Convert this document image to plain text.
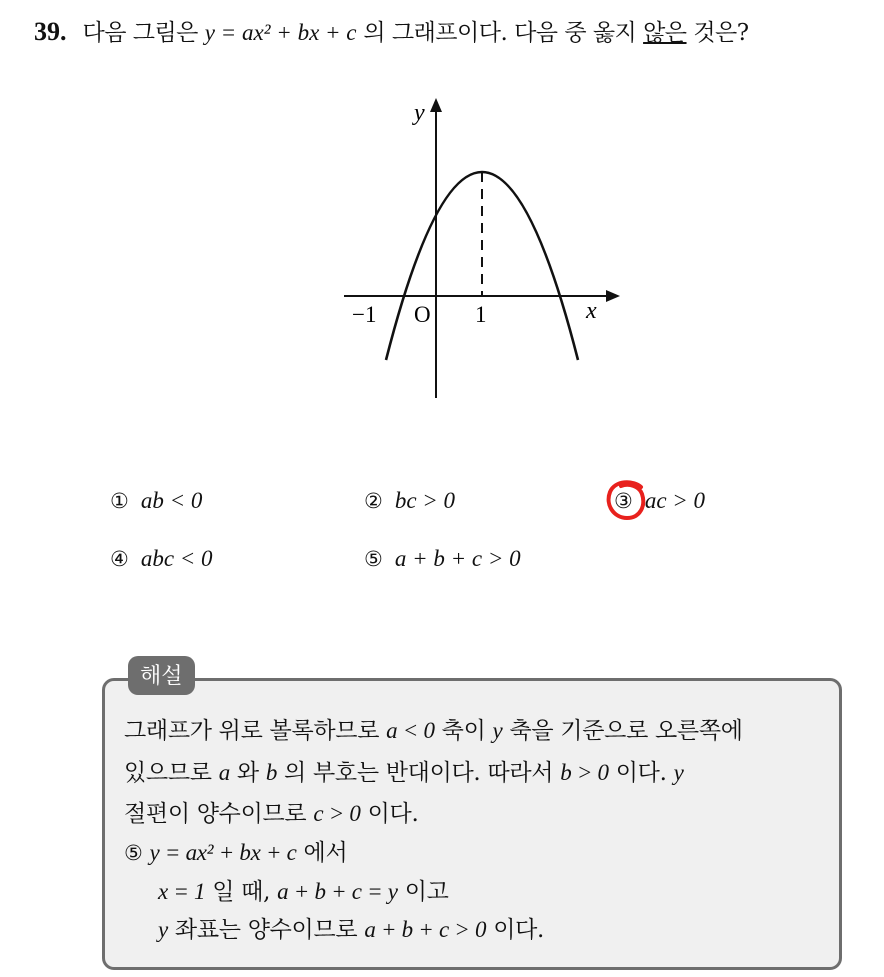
39. 다음 그림은 y = ax² + bx + c 의 그래프이다. 다음 중 옳지 않은 것은?
y
x
O
−1	1
① ab < 0	② bc > 0	③ ac > 0
④ abc < 0	⑤ a + b + c > 0
해설
그래프가 위로 볼록하므로 a < 0 축이 y 축을 기준으로 오른쪽에
있으므로 a 와 b 의 부호는 반대이다. 따라서 b > 0 이다. y
절편이 양수이므로 c > 0 이다.
⑤ y = ax² + bx + c 에서
x = 1 일 때, a + b + c = y 이고
y 좌표는 양수이므로 a + b + c > 0 이다.
